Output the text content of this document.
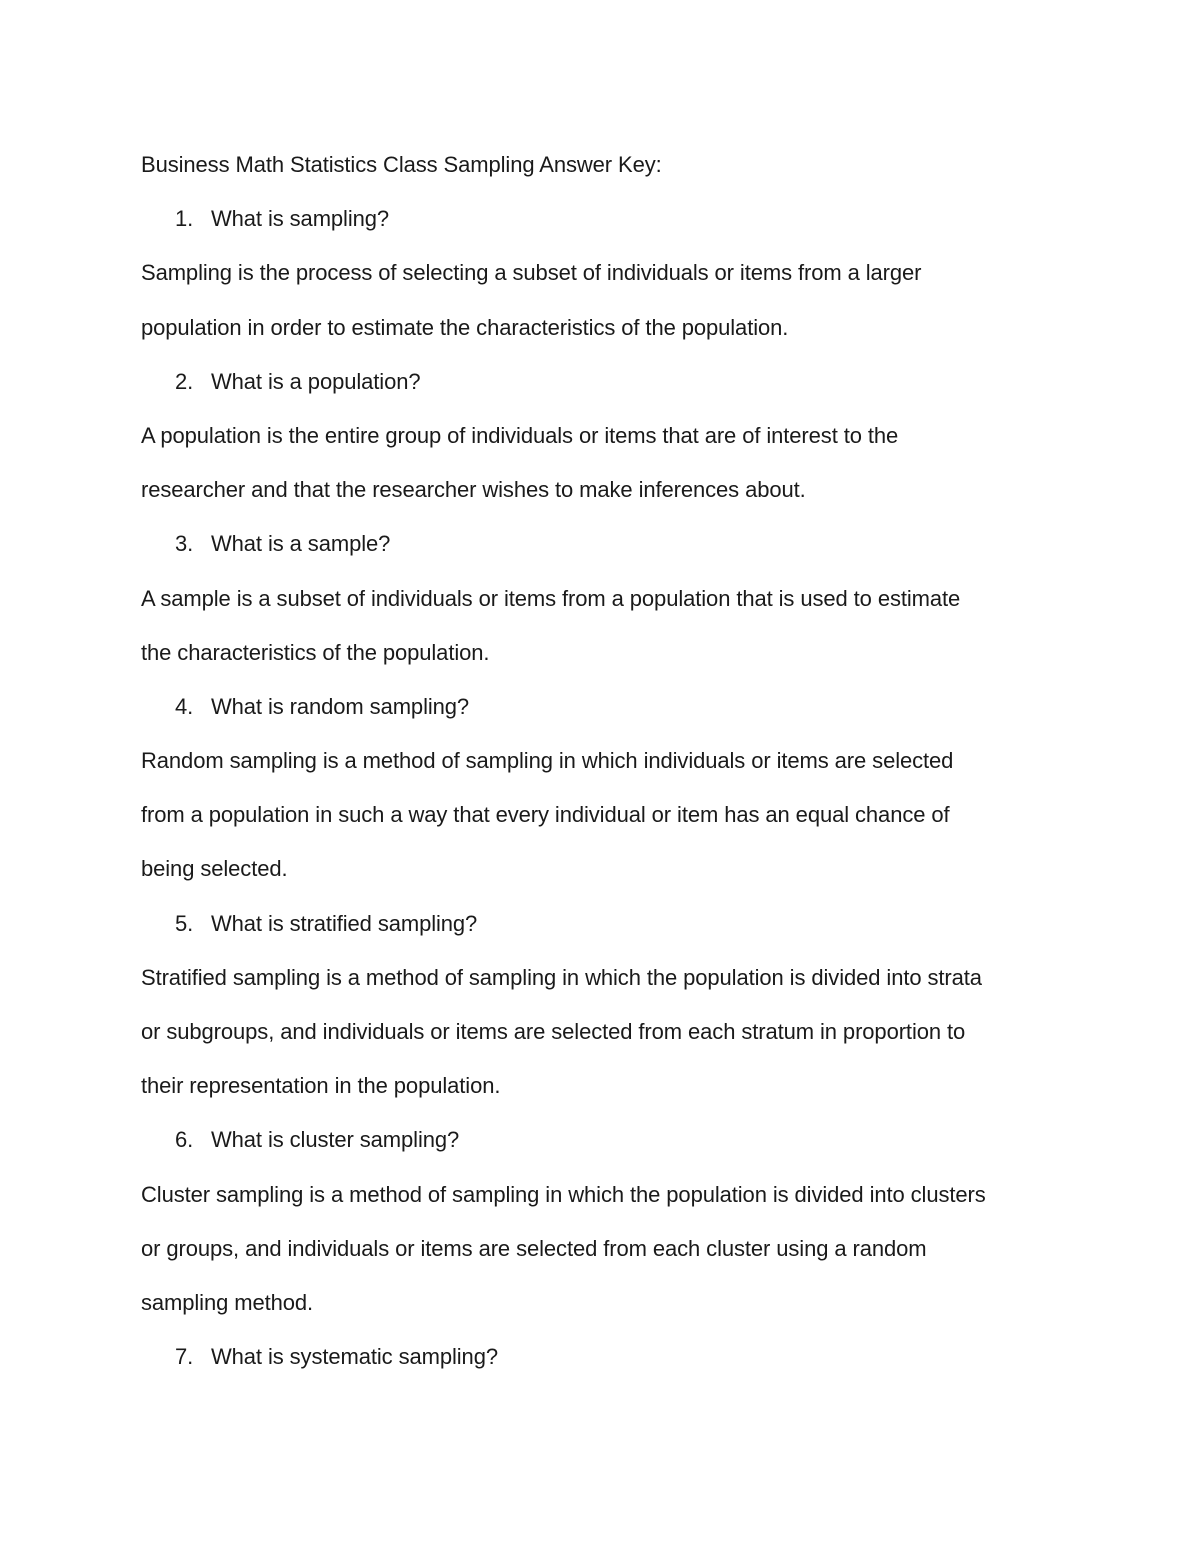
Business Math Statistics Class Sampling Answer Key:
1. What is sampling?
Sampling is the process of selecting a subset of individuals or items from a larger
population in order to estimate the characteristics of the population.
2. What is a population?
A population is the entire group of individuals or items that are of interest to the
researcher and that the researcher wishes to make inferences about.
3. What is a sample?
A sample is a subset of individuals or items from a population that is used to estimate
the characteristics of the population.
4. What is random sampling?
Random sampling is a method of sampling in which individuals or items are selected
from a population in such a way that every individual or item has an equal chance of
being selected.
5. What is stratified sampling?
Stratified sampling is a method of sampling in which the population is divided into strata
or subgroups, and individuals or items are selected from each stratum in proportion to
their representation in the population.
6. What is cluster sampling?
Cluster sampling is a method of sampling in which the population is divided into clusters
or groups, and individuals or items are selected from each cluster using a random
sampling method.
7. What is systematic sampling?
